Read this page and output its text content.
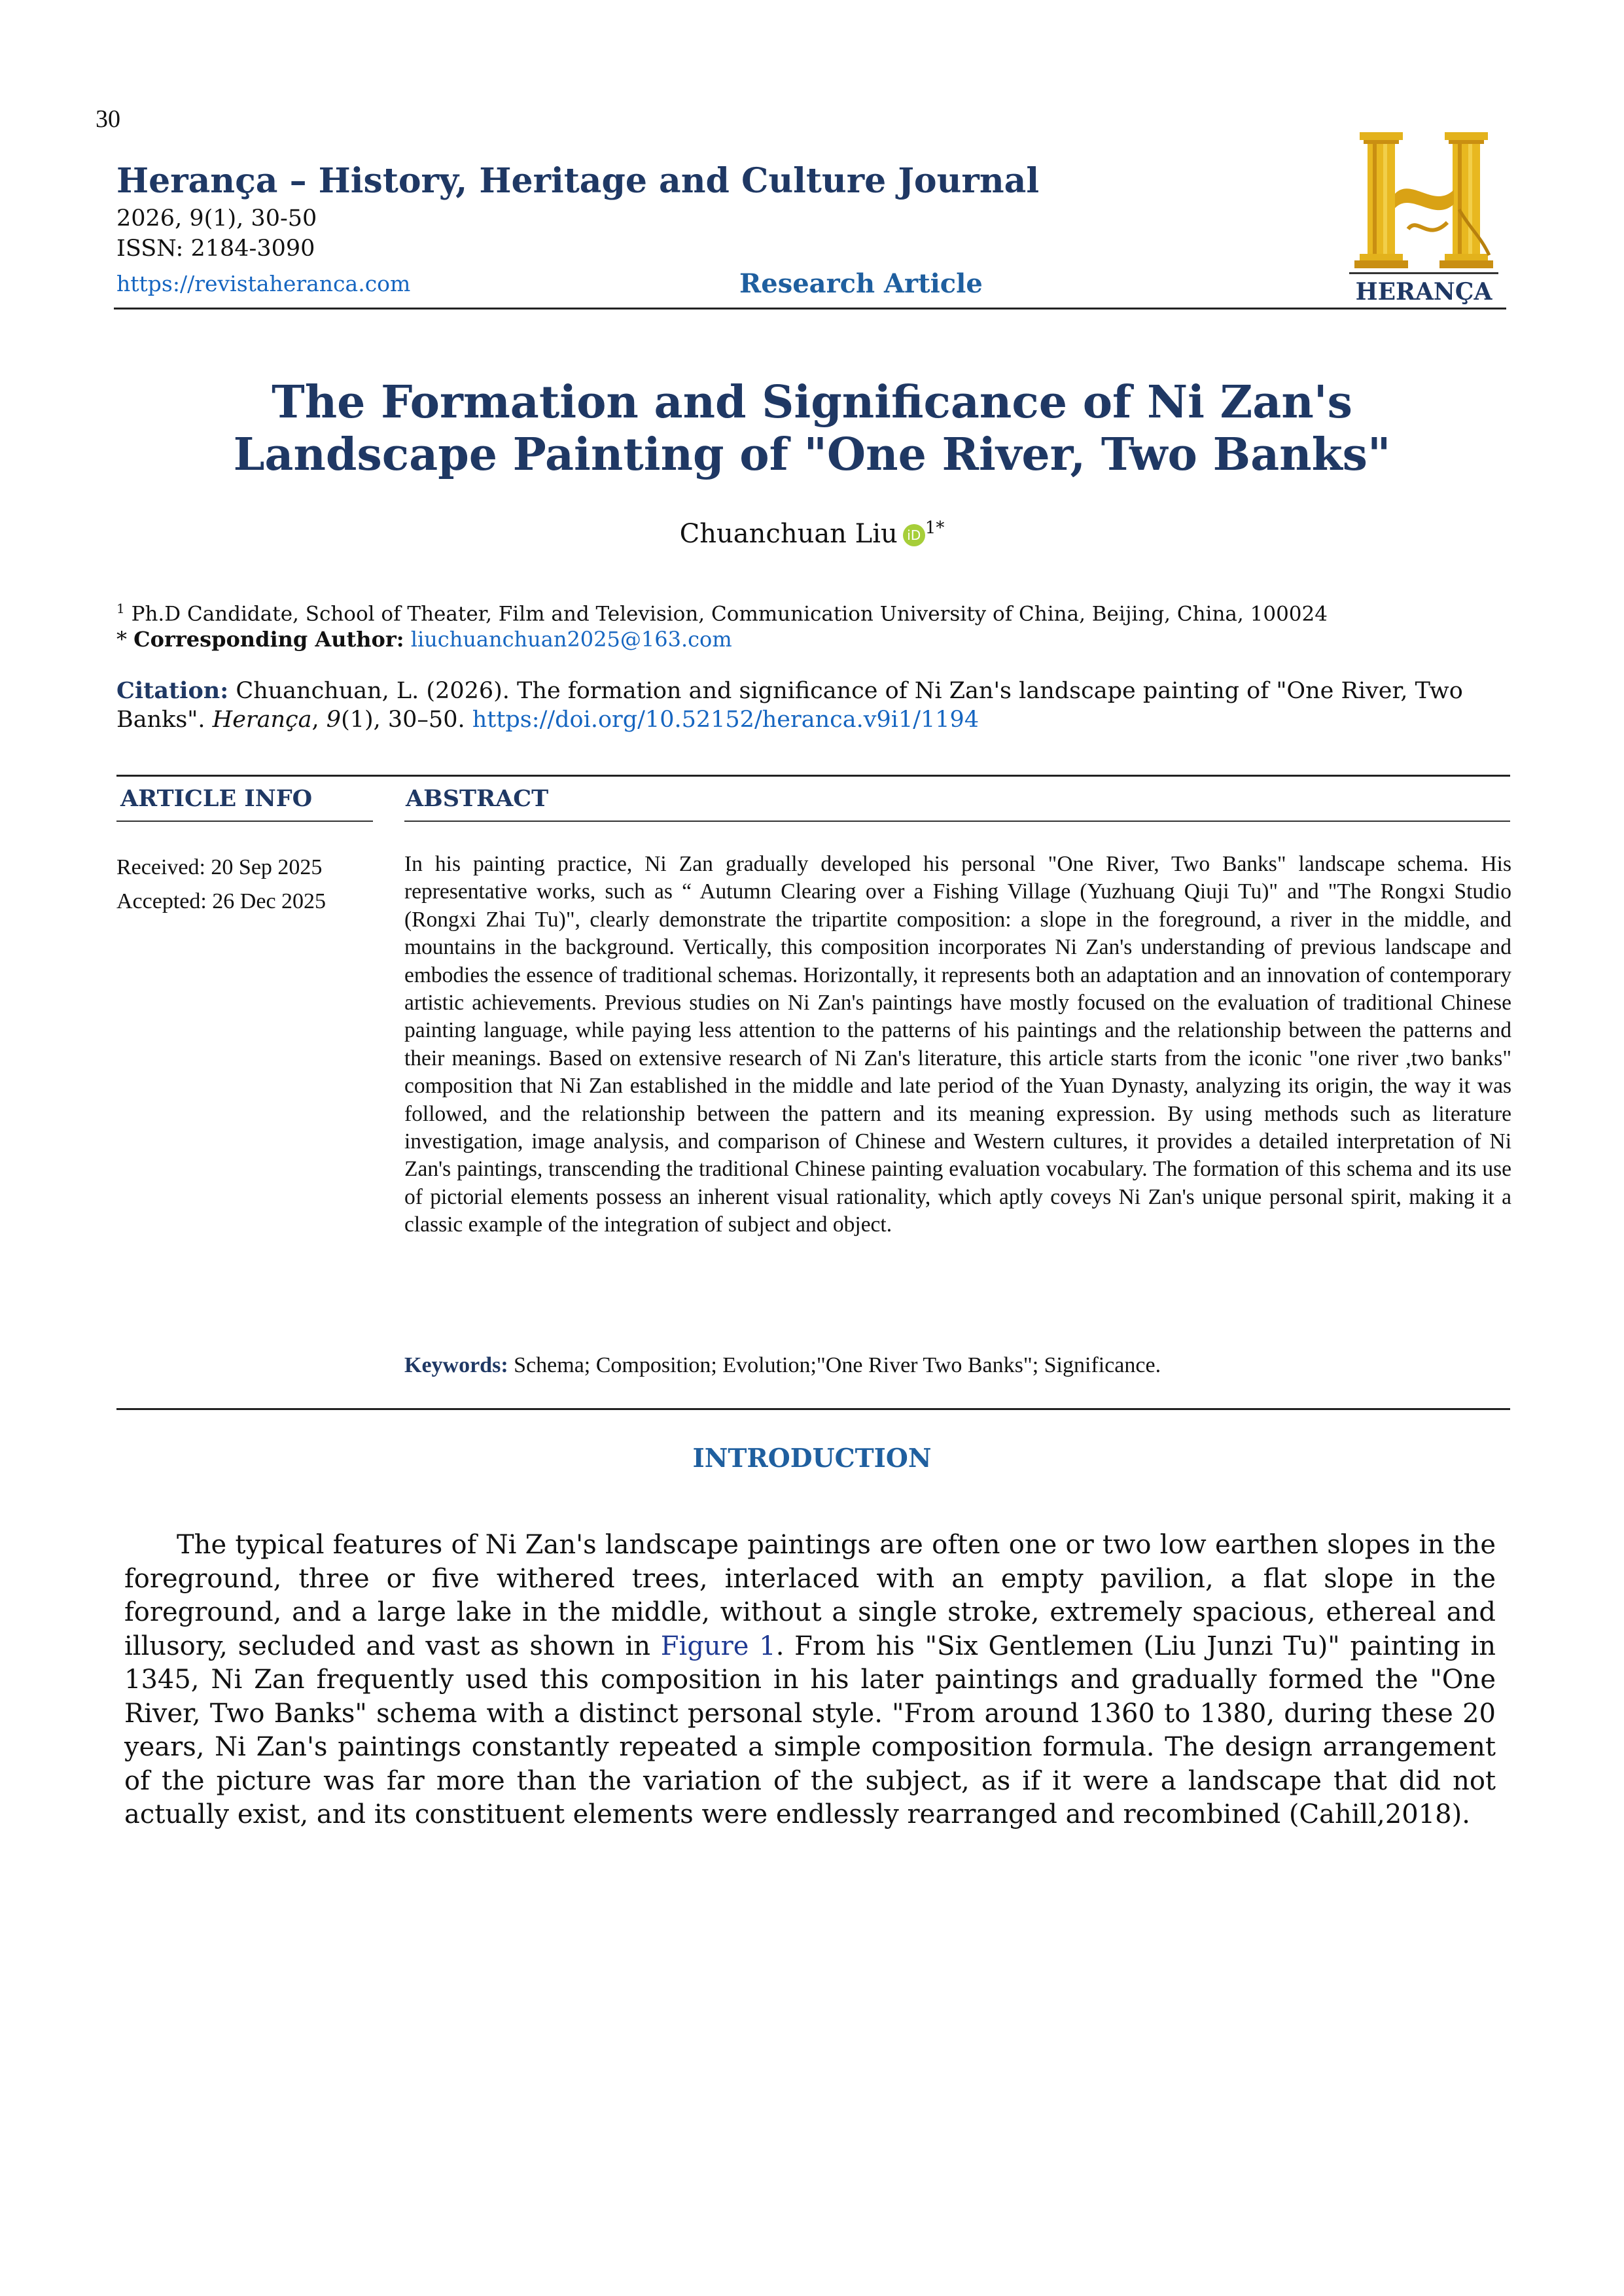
30
Herança – History, Heritage and Culture Journal
2026, 9(1), 30-50
ISSN: 2184-3090
https://revistaheranca.com	Research Article	HERANÇA
The Formation and Significance of Ni Zan's
Landscape Painting of "One River, Two Banks"
Chuanchuan Liu iD $^{1*}$
$^1$ Ph.D Candidate, School of Theater, Film and Television, Communication University of China, Beijing, China, 100024
* Corresponding Author: liuchuanchuan2025@163.com
Citation: Chuanchuan, L. (2026). The formation and significance of Ni Zan's landscape painting of "One River, Two Banks". Herança, 9(1), 30–50. https://doi.org/10.52152/heranca.v9i1/1194
ARTICLE INFO	ABSTRACT
Received: 20 Sep 2025
Accepted: 26 Dec 2025
In his painting practice, Ni Zan gradually developed his personal "One River, Two Banks" landscape schema. His representative works, such as “ Autumn Clearing over a Fishing Village (Yuzhuang Qiuji Tu)" and "The Rongxi Studio (Rongxi Zhai Tu)", clearly demonstrate the tripartite composition: a slope in the foreground, a river in the middle, and mountains in the background. Vertically, this composition incorporates Ni Zan's understanding of previous landscape and embodies the essence of traditional schemas. Horizontally, it represents both an adaptation and an innovation of contemporary artistic achievements. Previous studies on Ni Zan's paintings have mostly focused on the evaluation of traditional Chinese painting language, while paying less attention to the patterns of his paintings and the relationship between the patterns and their meanings. Based on extensive research of Ni Zan's literature, this article starts from the iconic "one river ,two banks" composition that Ni Zan established in the middle and late period of the Yuan Dynasty, analyzing its origin, the way it was followed, and the relationship between the pattern and its meaning expression. By using methods such as literature investigation, image analysis, and comparison of Chinese and Western cultures, it provides a detailed interpretation of Ni Zan's paintings, transcending the traditional Chinese painting evaluation vocabulary. The formation of this schema and its use of pictorial elements possess an inherent visual rationality, which aptly coveys Ni Zan's unique personal spirit, making it a classic example of the integration of subject and object.
Keywords: Schema; Composition; Evolution;"One River Two Banks"; Significance.
INTRODUCTION
The typical features of Ni Zan's landscape paintings are often one or two low earthen slopes in the foreground, three or five withered trees, interlaced with an empty pavilion, a flat slope in the foreground, and a large lake in the middle, without a single stroke, extremely spacious, ethereal and illusory, secluded and vast as shown in Figure 1. From his "Six Gentlemen (Liu Junzi Tu)" painting in 1345, Ni Zan frequently used this composition in his later paintings and gradually formed the "One River, Two Banks" schema with a distinct personal style. "From around 1360 to 1380, during these 20 years, Ni Zan's paintings constantly repeated a simple composition formula. The design arrangement of the picture was far more than the variation of the subject, as if it were a landscape that did not actually exist, and its constituent elements were endlessly rearranged and recombined (Cahill,2018).
